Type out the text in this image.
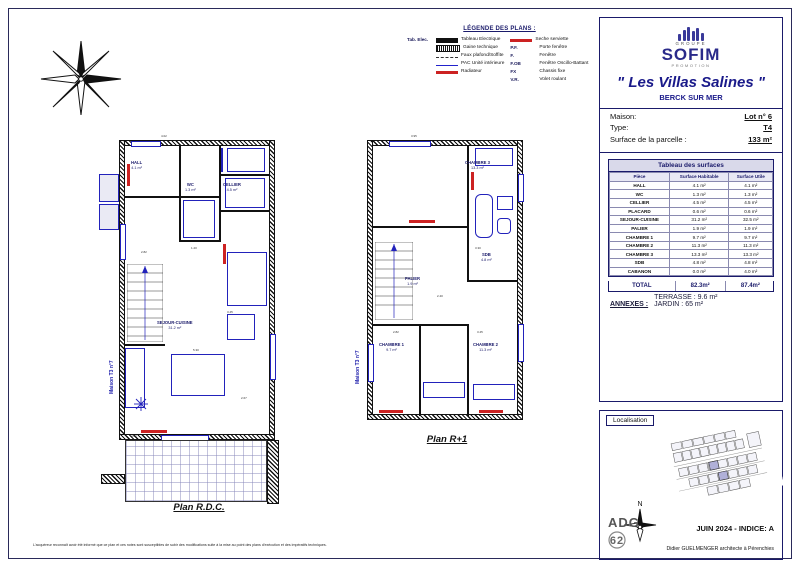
LÉGENDE DES PLANS :
Tab. Elec.	Tableau Electrique
Gaine technique
Faux plafond/Soffite
PAC Unité intérieure
Radiateur
Seche serviette
P.F.	Porte fenêtre
F.	Fenêtre
F.OB	Fenêtre Oscillo-Battant
FX	Chassis fixe
V.R.	Volet roulant
HALL
4.1 m²
WC
1.3 m²
CELLIER
4.5 m²
SEJOUR-CUISINE
31.2 m²
4.02
2.82
3.45
1.20
4.00
2.67
5.30
Maison T3 n°7
Plan R.D.C.
CHAMBRE 3
13.3 m²
PALIER
1.9 m²
SDB
4.8 m²
CHAMBRE 1
9.7 m²
CHAMBRE 2
11.3 m²
3.95
3.30
2.82	3.45
2.40
Maison T3 n°7
Plan R+1
GROUPE
SOFIM
PROMOTION
" Les Villas Salines "
BERCK SUR MER
Maison:	Lot n° 6
Type:	T4
Surface de la parcelle :	133 m²
Tableau des surfaces
Pièce	Surface Habitable	Surface Utile
HALL	4.1 m²	4.1 m²
WC	1.3 m²	1.3 m²
CELLIER	4.5 m²	4.5 m²
PLACARD	0.6 m²	0.6 m²
SEJOUR-CUISINE	31.2 m²	32.5 m²
PALIER	1.9 m²	1.9 m²
CHAMBRE 1	9.7 m²	9.7 m²
CHAMBRE 2	11.3 m²	11.3 m²
CHAMBRE 3	13.3 m²	13.3 m²
SDB	4.8 m²	4.8 m²
CABANON	0.0 m²	4.0 m²
TOTAL	82.3m²	87.4m²
ANNEXES : TERRASSE : 9.6 m²
JARDIN : 65 m²
Localisation
N
62
ADG	JUIN 2024 - INDICE: A
Didier GUELMENGER architecte à Pérenchies
L'acquéreur reconnaît avoir été informé que ce plan et ces notes sont susceptibles de subir des modifications suite à la mise au point des plans d'exécution et des impératifs techniques.
